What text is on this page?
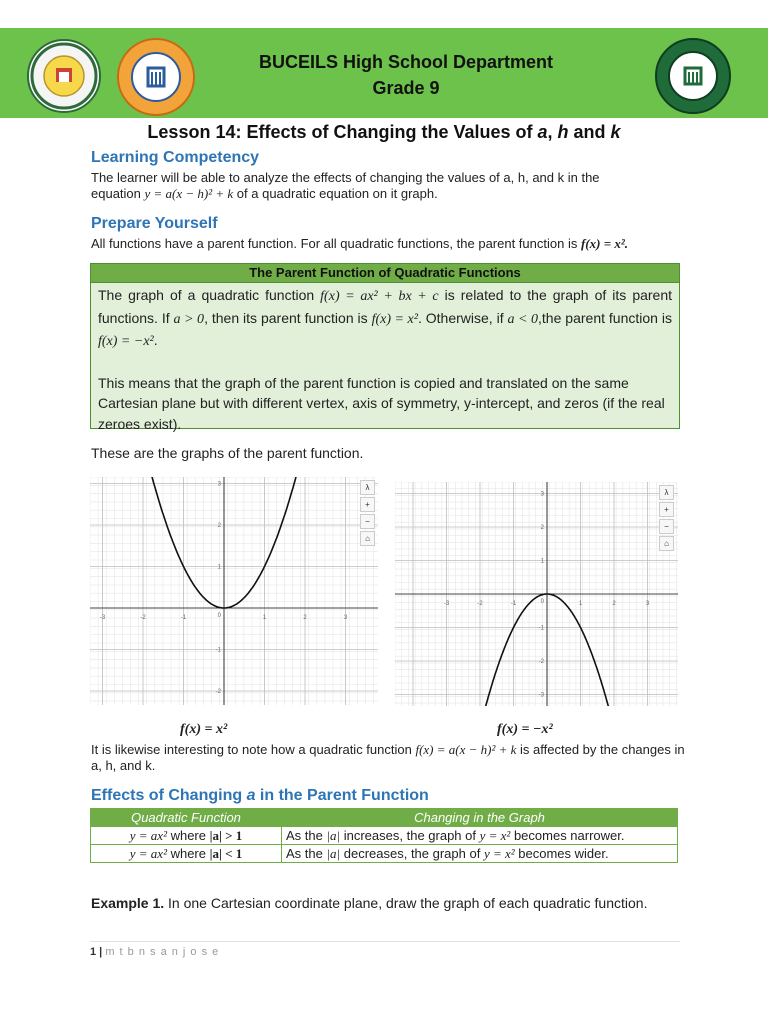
BUCEILS High School Department
Grade 9
Lesson 14: Effects of Changing the Values of a, h and k
Learning Competency
The learner will be able to analyze the effects of changing the values of a, h, and k in the
equation y = a(x − h)² + k of a quadratic equation on it graph.
Prepare Yourself
All functions have a parent function. For all quadratic functions, the parent function is f(x) = x².
The Parent Function of Quadratic Functions
The graph of a quadratic function f(x) = ax² + bx + c is related to the graph of its parent functions. If a > 0, then its parent function is f(x) = x². Otherwise, if a < 0,the parent function is f(x) = −x².
This means that the graph of the parent function is copied and translated on the same Cartesian plane but with different vertex, axis of symmetry, y-intercept, and zeros (if the real zeroes exist).
These are the graphs of the parent function.
-3	-2	-1	1	2	3
3
2
1
-1
-2
0
λ
+
−
⌂
-3	-2	-1	1	2	3
3
2
1
-1
-2
-3
0
λ
+
−
⌂
f(x) = x²	f(x) = −x²
It is likewise interesting to note how a quadratic function f(x) = a(x − h)² + k is affected by the changes in a, h, and k.
Effects of Changing a in the Parent Function
Quadratic Function	Changing in the Graph
y = ax² where |a| > 1	As the |a| increases, the graph of y = x² becomes narrower.
y = ax² where |a| < 1	As the |a| decreases, the graph of y = x² becomes wider.
Example 1. In one Cartesian coordinate plane, draw the graph of each quadratic function.
1 | m t b n s a n j o s e
